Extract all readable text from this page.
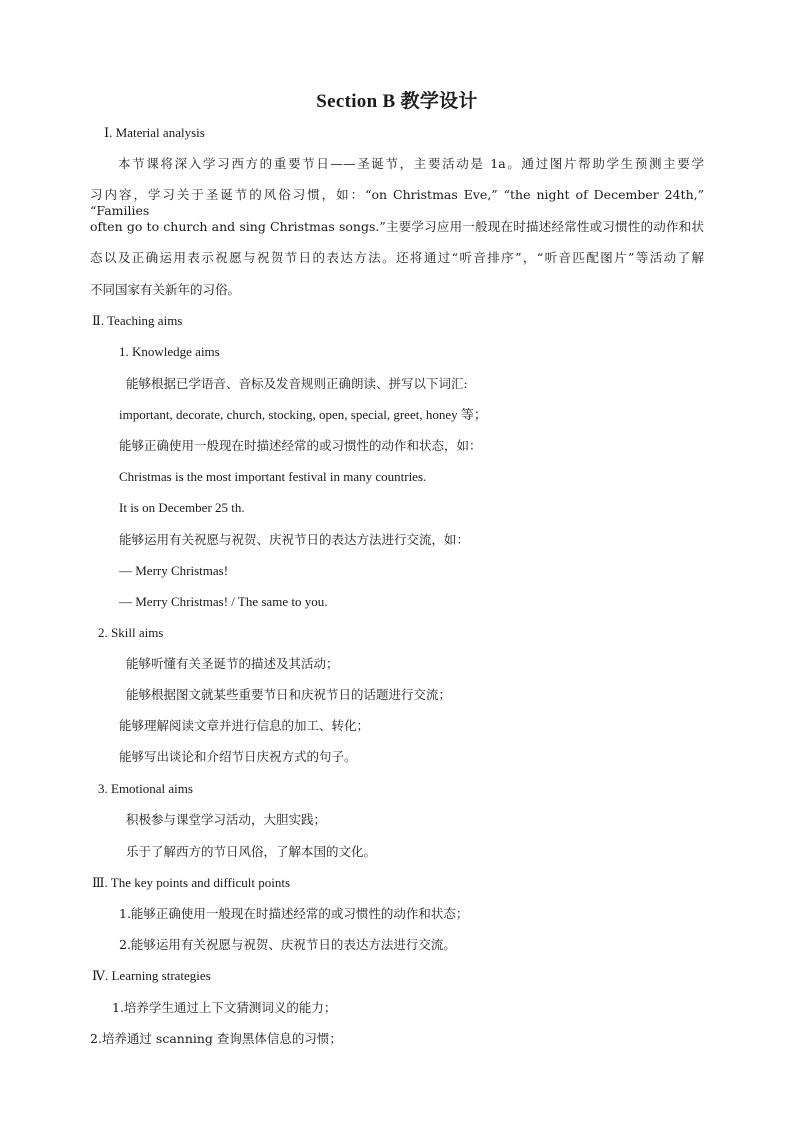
Section B 教学设计
Ⅰ. Material analysis
本节课将深入学习西方的重要节日——圣诞节，主要活动是 1a。通过图片帮助学生预测主要学
习内容，学习关于圣诞节的风俗习惯，如：“on Christmas Eve,” “the night of December 24th,” “Families
often go to church and sing Christmas songs.”主要学习应用一般现在时描述经常性或习惯性的动作和状
态以及正确运用表示祝愿与祝贺节日的表达方法。还将通过“听音排序”，“听音匹配图片”等活动了解
不同国家有关新年的习俗。
Ⅱ. Teaching aims
1. Knowledge aims
能够根据已学语音、音标及发音规则正确朗读、拼写以下词汇:
important, decorate, church, stocking, open, special, greet, honey 等；
能够正确使用一般现在时描述经常的或习惯性的动作和状态，如：
Christmas is the most important festival in many countries.
It is on December 25 th.
能够运用有关祝愿与祝贺、庆祝节日的表达方法进行交流，如：
— Merry Christmas!
— Merry Christmas! / The same to you.
2. Skill aims
能够听懂有关圣诞节的描述及其活动；
能够根据图文就某些重要节日和庆祝节日的话题进行交流；
能够理解阅读文章并进行信息的加工、转化；
能够写出谈论和介绍节日庆祝方式的句子。
3. Emotional aims
积极参与课堂学习活动，大胆实践；
乐于了解西方的节日风俗，了解本国的文化。
Ⅲ. The key points and difficult points
1.能够正确使用一般现在时描述经常的或习惯性的动作和状态；
2.能够运用有关祝愿与祝贺、庆祝节日的表达方法进行交流。
Ⅳ. Learning strategies
1.培养学生通过上下文猜测词义的能力；
2.培养通过 scanning 查询黑体信息的习惯；
